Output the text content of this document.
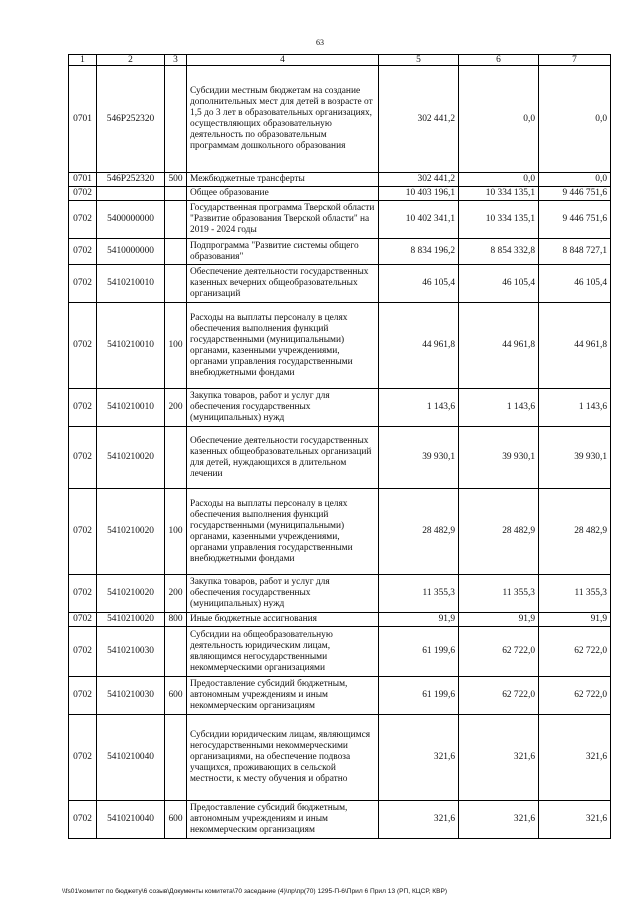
63
1	2	3	4	5	6	7
0701	546P252320		Субсидии местным бюджетам на создание дополнительных мест для детей в возрасте от 1,5 до 3 лет в образовательных организациях, осуществляющих образовательную деятельность по образовательным программам дошкольного образования	302 441,2	0,0	0,0
0701	546P252320	500	Межбюджетные трансферты	302 441,2	0,0	0,0
0702			Общее образование	10 403 196,1	10 334 135,1	9 446 751,6
0702	5400000000		Государственная программа Тверской области "Развитие образования Тверской области" на 2019 - 2024 годы	10 402 341,1	10 334 135,1	9 446 751,6
0702	5410000000		Подпрограмма "Развитие системы общего образования"	8 834 196,2	8 854 332,8	8 848 727,1
0702	5410210010		Обеспечение деятельности государственных казенных вечерних общеобразовательных организаций	46 105,4	46 105,4	46 105,4
0702	5410210010	100	Расходы на выплаты персоналу в целях обеспечения выполнения функций государственными (муниципальными) органами, казенными учреждениями, органами управления государственными внебюджетными фондами	44 961,8	44 961,8	44 961,8
0702	5410210010	200	Закупка товаров, работ и услуг для обеспечения государственных (муниципальных) нужд	1 143,6	1 143,6	1 143,6
0702	5410210020		Обеспечение деятельности государственных казенных общеобразовательных организаций для детей, нуждающихся в длительном лечении	39 930,1	39 930,1	39 930,1
0702	5410210020	100	Расходы на выплаты персоналу в целях обеспечения выполнения функций государственными (муниципальными) органами, казенными учреждениями, органами управления государственными внебюджетными фондами	28 482,9	28 482,9	28 482,9
0702	5410210020	200	Закупка товаров, работ и услуг для обеспечения государственных (муниципальных) нужд	11 355,3	11 355,3	11 355,3
0702	5410210020	800	Иные бюджетные ассигнования	91,9	91,9	91,9
0702	5410210030		Субсидии на общеобразовательную деятельность юридическим лицам, являющимся негосударственными некоммерческими организациями	61 199,6	62 722,0	62 722,0
0702	5410210030	600	Предоставление субсидий бюджетным, автономным учреждениям и иным некоммерческим организациям	61 199,6	62 722,0	62 722,0
0702	5410210040		Субсидии юридическим лицам, являющимся негосударственными некоммерческими организациями, на обеспечение подвоза учащихся, проживающих в сельской местности, к месту обучения и обратно	321,6	321,6	321,6
0702	5410210040	600	Предоставление субсидий бюджетным, автономным учреждениям и иным некоммерческим организациям	321,6	321,6	321,6
\\fs01\комитет по бюджету\6 созыв\Документы комитета\70 заседание (4)\пр\пр(70) 1295-П-6\Прил 6 Прил 13 (РП, КЦСР, КВР)
